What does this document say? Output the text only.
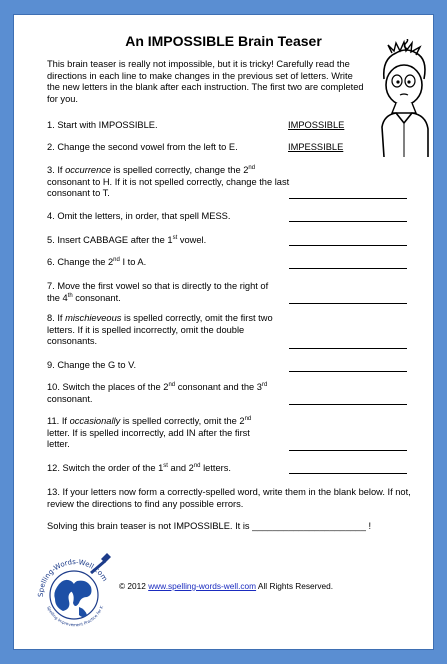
An IMPOSSIBLE Brain Teaser
This brain teaser is really not impossible, but it is tricky! Carefully read the directions in each line to make changes in the previous set of letters. Write the new letters in the blank after each instruction. The first two are completed for you.
1. Start with IMPOSSIBLE.	IMPOSSIBLE
2. Change the second vowel from the left to E.	IMPESSIBLE
3. If occurrence is spelled correctly, change the 2nd consonant to H. If it is not spelled correctly, change the last consonant to T.
4. Omit the letters, in order, that spell MESS.
5. Insert CABBAGE after the 1st vowel.
6. Change the 2nd I to A.
7. Move the first vowel so that is directly to the right of the 4th consonant.
8. If mischieveous is spelled correctly, omit the first two letters. If it is spelled incorrectly, omit the double consonants.
9. Change the G to V.
10. Switch the places of the 2nd consonant and the 3rd consonant.
11. If occasionally is spelled correctly, omit the 2nd letter. If is spelled incorrectly, add IN after the first letter.
12. Switch the order of the 1st and 2nd letters.
13. If your letters now form a correctly-spelled word, write them in the blank below. If not, review the directions to find any possible errors.
Solving this brain teaser is not IMPOSSIBLE. It is ______________________ !
Spelling-Words-Well.com
Spelling Improvement Practice for K
© 2012 www.spelling-words-well.com All Rights Reserved.
